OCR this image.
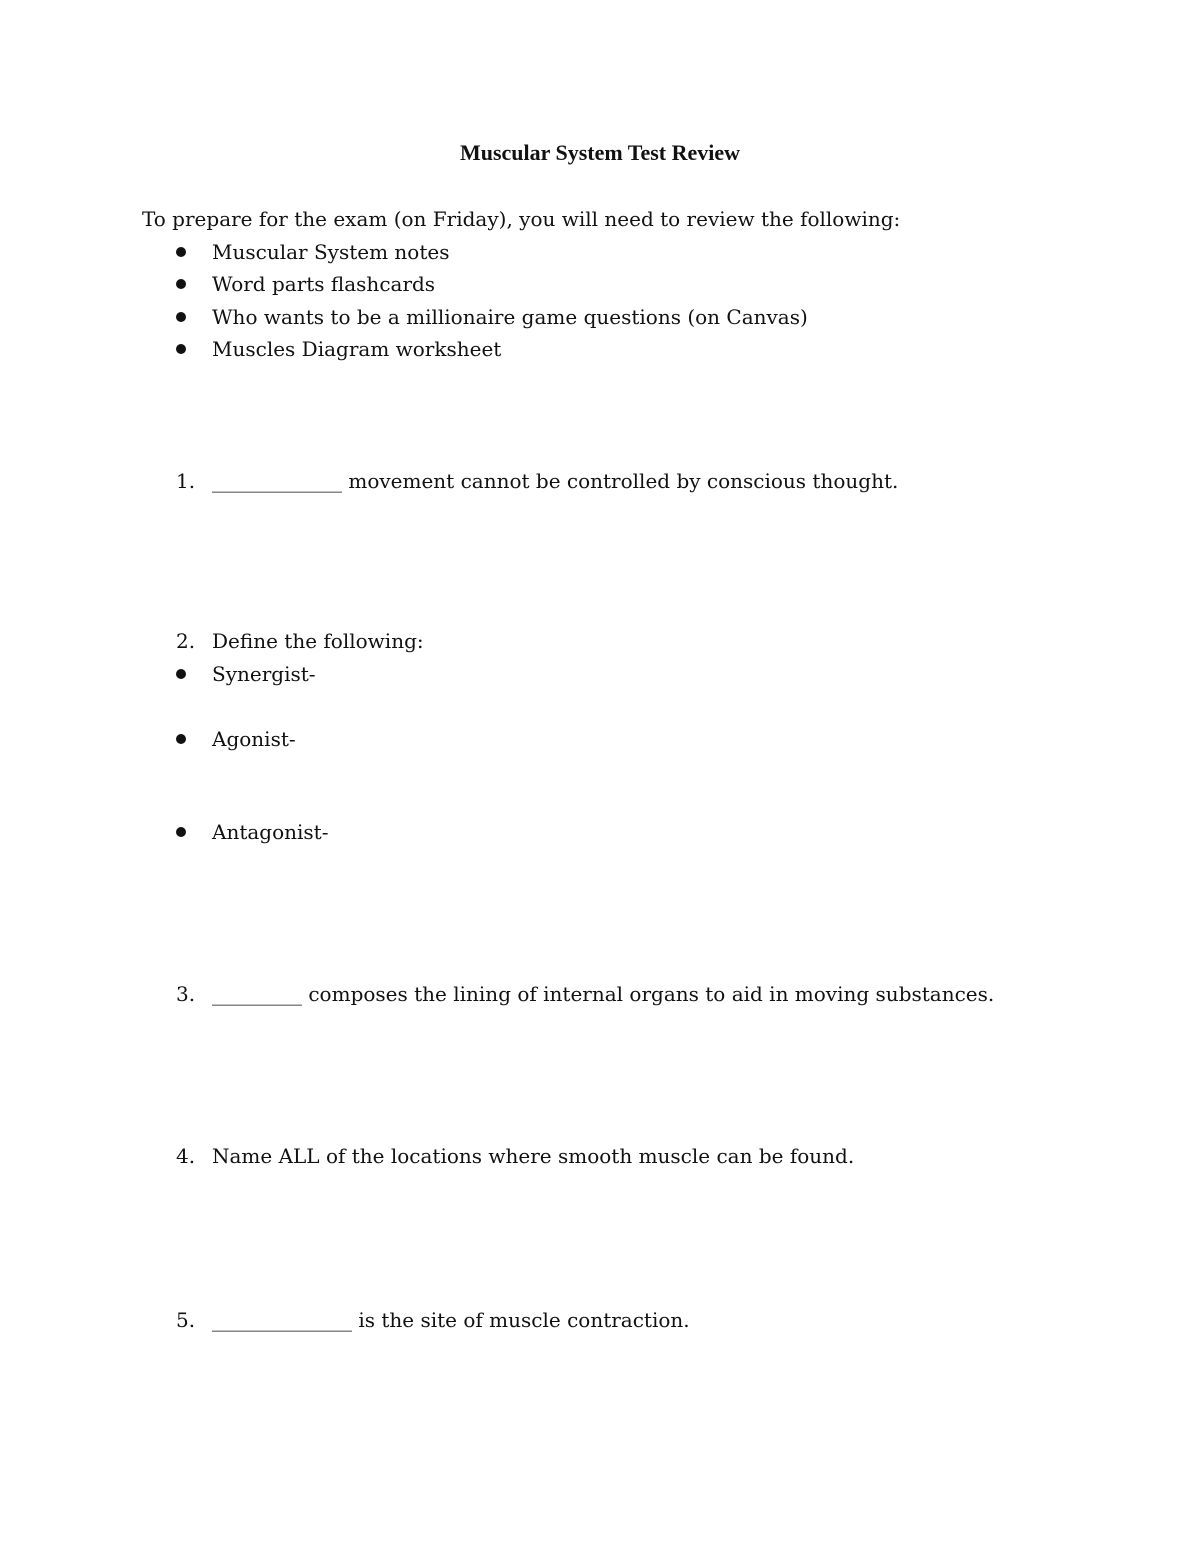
Muscular System Test Review
To prepare for the exam (on Friday), you will need to review the following:
Muscular System notes
Word parts flashcards
Who wants to be a millionaire game questions (on Canvas)
Muscles Diagram worksheet
1. _____________ movement cannot be controlled by conscious thought.
2. Define the following:
Synergist-
Agonist-
Antagonist-
3. _________ composes the lining of internal organs to aid in moving substances.
4. Name ALL of the locations where smooth muscle can be found.
5. ______________ is the site of muscle contraction.
